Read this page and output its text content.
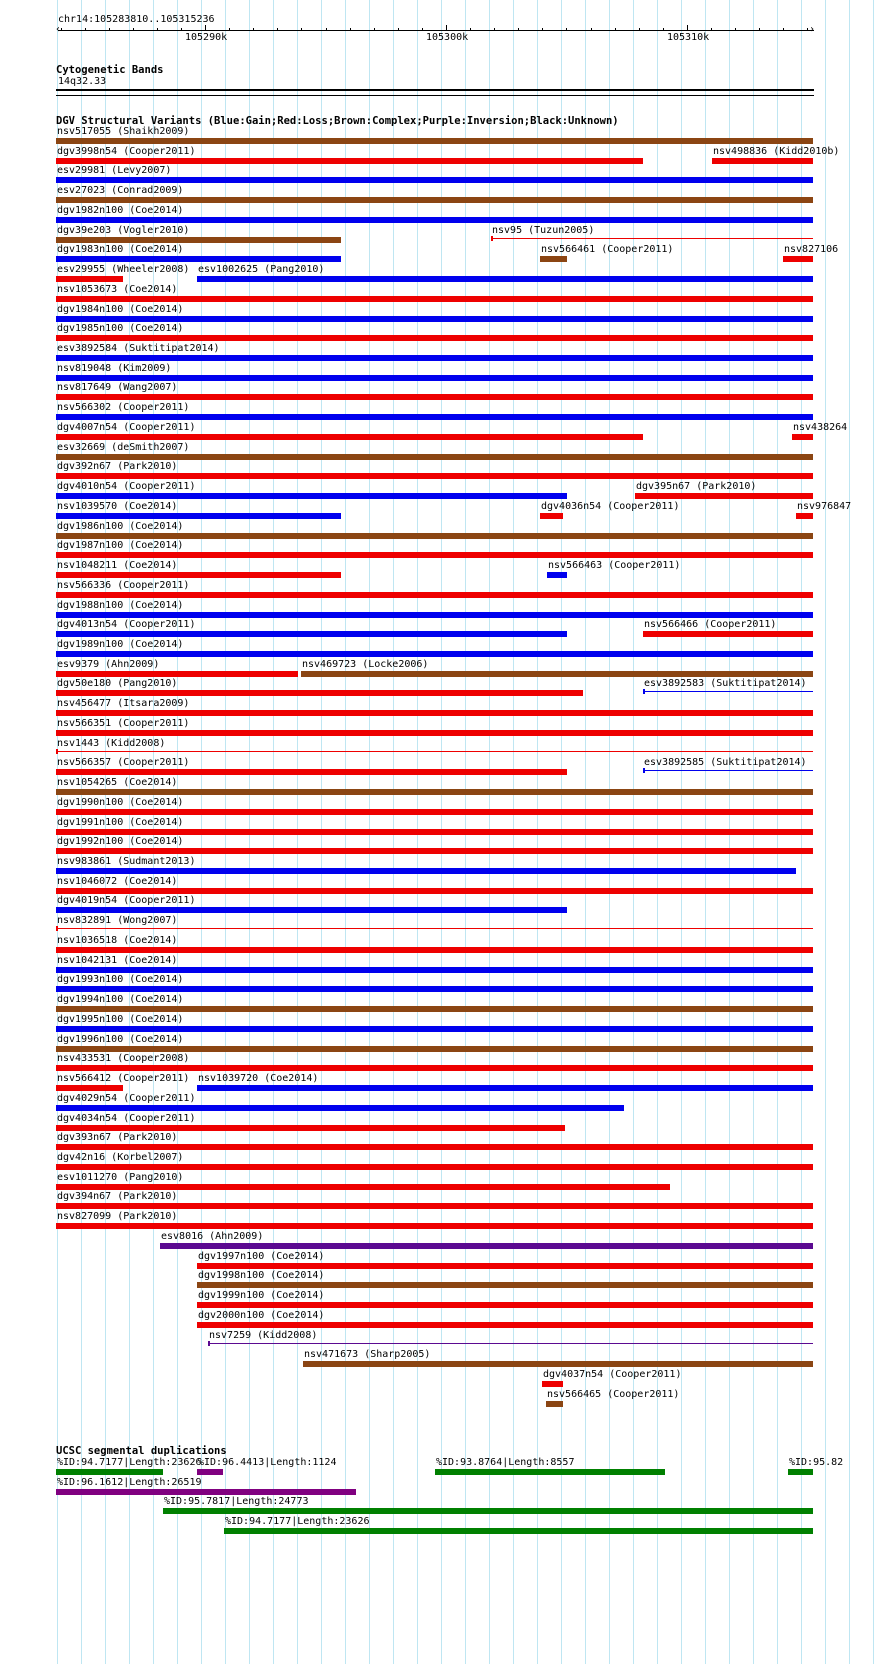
chr14:105283810..105315236
‹	›
105290k	105300k	105310k
Cytogenetic Bands
14q32.33
DGV Structural Variants (Blue:Gain;Red:Loss;Brown:Complex;Purple:Inversion;Black:Unknown)
nsv517055 (Shaikh2009)
dgv3998n54 (Cooper2011)	nsv498836 (Kidd2010b)
esv29981 (Levy2007)
esv27023 (Conrad2009)
dgv1982n100 (Coe2014)
dgv39e203 (Vogler2010)	nsv95 (Tuzun2005)
dgv1983n100 (Coe2014)	nsv566461 (Cooper2011)	nsv827106
esv29955 (Wheeler2008) esv1002625 (Pang2010)
nsv1053673 (Coe2014)
dgv1984n100 (Coe2014)
dgv1985n100 (Coe2014)
esv3892584 (Suktitipat2014)
nsv819048 (Kim2009)
nsv817649 (Wang2007)
nsv566302 (Cooper2011)
dgv4007n54 (Cooper2011)	nsv438264
esv32669 (deSmith2007)
dgv392n67 (Park2010)
dgv4010n54 (Cooper2011)	dgv395n67 (Park2010)
nsv1039570 (Coe2014)	dgv4036n54 (Cooper2011)	nsv976847
dgv1986n100 (Coe2014)
dgv1987n100 (Coe2014)
nsv1048211 (Coe2014)	nsv566463 (Cooper2011)
nsv566336 (Cooper2011)
dgv1988n100 (Coe2014)
dgv4013n54 (Cooper2011)	nsv566466 (Cooper2011)
dgv1989n100 (Coe2014)
esv9379 (Ahn2009)	nsv469723 (Locke2006)
dgv50e180 (Pang2010)	esv3892583 (Suktitipat2014)
nsv456477 (Itsara2009)
nsv566351 (Cooper2011)
nsv1443 (Kidd2008)
nsv566357 (Cooper2011)	esv3892585 (Suktitipat2014)
nsv1054265 (Coe2014)
dgv1990n100 (Coe2014)
dgv1991n100 (Coe2014)
dgv1992n100 (Coe2014)
nsv983861 (Sudmant2013)
nsv1046072 (Coe2014)
dgv4019n54 (Cooper2011)
nsv832891 (Wong2007)
nsv1036518 (Coe2014)
nsv1042131 (Coe2014)
dgv1993n100 (Coe2014)
dgv1994n100 (Coe2014)
dgv1995n100 (Coe2014)
dgv1996n100 (Coe2014)
nsv433531 (Cooper2008)
nsv566412 (Cooper2011) nsv1039720 (Coe2014)
dgv4029n54 (Cooper2011)
dgv4034n54 (Cooper2011)
dgv393n67 (Park2010)
dgv42n16 (Korbel2007)
esv1011270 (Pang2010)
dgv394n67 (Park2010)
nsv827099 (Park2010)
esv8016 (Ahn2009)
dgv1997n100 (Coe2014)
dgv1998n100 (Coe2014)
dgv1999n100 (Coe2014)
dgv2000n100 (Coe2014)
nsv7259 (Kidd2008)
nsv471673 (Sharp2005)
dgv4037n54 (Cooper2011)
nsv566465 (Cooper2011)
UCSC segmental duplications
%ID:94.7177|Length:23626
%ID:96.4413|Length:1124	%ID:93.8764|Length:8557	%ID:95.82
%ID:96.1612|Length:26519
%ID:95.7817|Length:24773
%ID:94.7177|Length:23626
